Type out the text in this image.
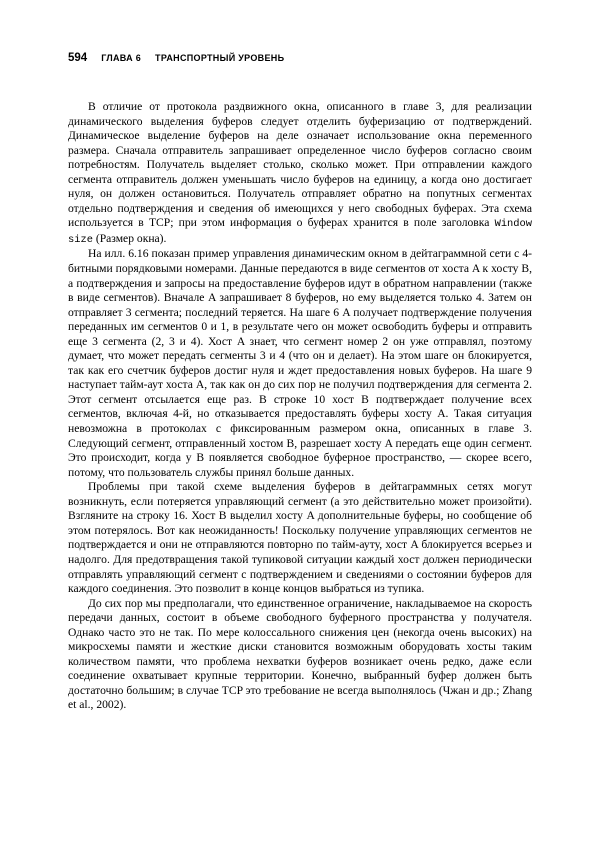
594 ГЛАВА 6 ТРАНСПОРТНЫЙ УРОВЕНЬ

В отличие от протокола раздвижного окна, описанного в главе 3, для реализации динамического выделения буферов следует отделить буферизацию от подтверждений. Динамическое выделение буферов на деле означает использование окна переменного размера. Сначала отправитель запрашивает определенное число буферов согласно своим потребностям. Получатель выделяет столько, сколько может. При отправлении каждого сегмента отправитель должен уменьшать число буферов на единицу, а когда оно достигает нуля, он должен остановиться. Получатель отправляет обратно на попутных сегментах отдельно подтверждения и сведения об имеющихся у него свободных буферах. Эта схема используется в TCP; при этом информация о буферах хранится в поле заголовка Window size (Размер окна).

На илл. 6.16 показан пример управления динамическим окном в дейтаграммной сети с 4-битными порядковыми номерами. Данные передаются в виде сегментов от хоста A к хосту B, а подтверждения и запросы на предоставление буферов идут в обратном направлении (также в виде сегментов). Вначале A запрашивает 8 буферов, но ему выделяется только 4. Затем он отправляет 3 сегмента; последний теряется. На шаге 6 A получает подтверждение получения переданных им сегментов 0 и 1, в результате чего он может освободить буферы и отправить еще 3 сегмента (2, 3 и 4). Хост A знает, что сегмент номер 2 он уже отправлял, поэтому думает, что может передать сегменты 3 и 4 (что он и делает). На этом шаге он блокируется, так как его счетчик буферов достиг нуля и ждет предоставления новых буферов. На шаге 9 наступает тайм-аут хоста A, так как он до сих пор не получил подтверждения для сегмента 2. Этот сегмент отсылается еще раз. В строке 10 хост B подтверждает получение всех сегментов, включая 4-й, но отказывается предоставлять буферы хосту A. Такая ситуация невозможна в протоколах с фиксированным размером окна, описанных в главе 3. Следующий сегмент, отправленный хостом B, разрешает хосту A передать еще один сегмент. Это происходит, когда у B появляется свободное буферное пространство, — скорее всего, потому, что пользователь службы принял больше данных.

Проблемы при такой схеме выделения буферов в дейтаграммных сетях могут возникнуть, если потеряется управляющий сегмент (а это действительно может произойти). Взгляните на строку 16. Хост B выделил хосту A дополнительные буферы, но сообщение об этом потерялось. Вот как неожиданность! Поскольку получение управляющих сегментов не подтверждается и они не отправляются повторно по тайм-ауту, хост A блокируется всерьез и надолго. Для предотвращения такой тупиковой ситуации каждый хост должен периодически отправлять управляющий сегмент с подтверждением и сведениями о состоянии буферов для каждого соединения. Это позволит в конце концов выбраться из тупика.

До сих пор мы предполагали, что единственное ограничение, накладываемое на скорость передачи данных, состоит в объеме свободного буферного пространства у получателя. Однако часто это не так. По мере колоссального снижения цен (некогда очень высоких) на микросхемы памяти и жесткие диски становится возможным оборудовать хосты таким количеством памяти, что проблема нехватки буферов возникает очень редко, даже если соединение охватывает крупные территории. Конечно, выбранный буфер должен быть достаточно большим; в случае TCP это требование не всегда выполнялось (Чжан и др.; Zhang et al., 2002).
